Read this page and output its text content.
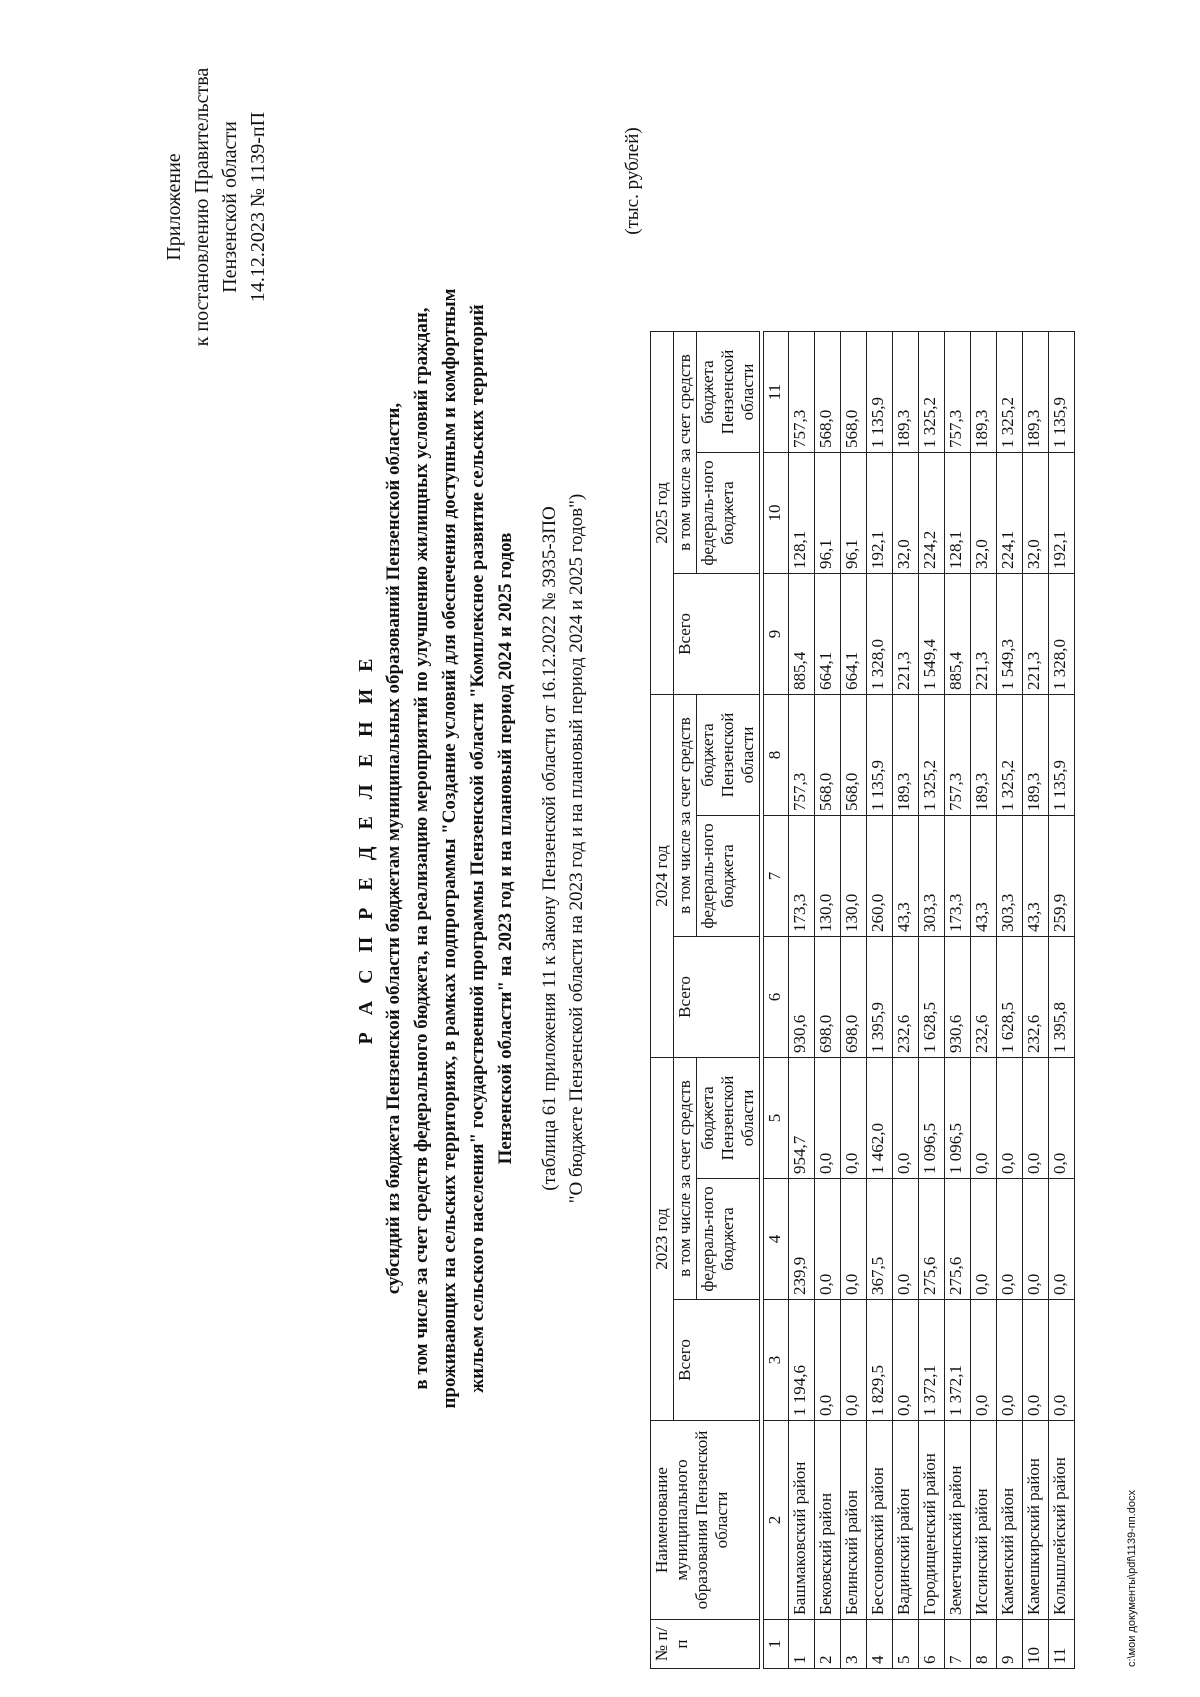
Приложение к постановлению Правительства Пензенской области 14.12.2023 № 1139-пП
Р А С П Р Е Д Е Л Е Н И Е субсидий из бюджета Пензенской области бюджетам муниципальных образований Пензенской области, в том числе за счет средств федерального бюджета, на реализацию мероприятий по улучшению жилищных условий граждан, проживающих на сельских территориях, в рамках подпрограммы "Создание условий для обеспечения доступным и комфортным жильем сельского населения" государственной программы Пензенской области "Комплексное развитие сельских территорий Пензенской области" на 2023 год и на плановый период 2024 и 2025 годов (таблица 61 приложения 11 к Закону Пензенской области от 16.12.2022 № 3935-ЗПО "О бюджете Пензенской области на 2023 год и на плановый период 2024 и 2025 годов")
(тыс. рублей)
№ п/п	Наименование муниципального образования Пензенской области	2023 год			2024 год			2025 год		
		Всего	в том числе за счет средств		Всего	в том числе за счет средств		Всего	в том числе за счет средств	
			федераль-ного бюджета	бюджета Пензенской области		федераль-ного бюджета	бюджета Пензенской области		федераль-ного бюджета	бюджета Пензенской области

1	2	3	4	5	6	7	8	9	10	11
1	Башмаковский район	1 194,6	239,9	954,7	930,6	173,3	757,3	885,4	128,1	757,3
2	Бековский район	0,0	0,0	0,0	698,0	130,0	568,0	664,1	96,1	568,0
3	Белинский район	0,0	0,0	0,0	698,0	130,0	568,0	664,1	96,1	568,0
4	Бессоновский район	1 829,5	367,5	1 462,0	1 395,9	260,0	1 135,9	1 328,0	192,1	1 135,9
5	Вадинский район	0,0	0,0	0,0	232,6	43,3	189,3	221,3	32,0	189,3
6	Городищенский район	1 372,1	275,6	1 096,5	1 628,5	303,3	1 325,2	1 549,4	224,2	1 325,2
7	Земетчинский район	1 372,1	275,6	1 096,5	930,6	173,3	757,3	885,4	128,1	757,3
8	Иссинский район	0,0	0,0	0,0	232,6	43,3	189,3	221,3	32,0	189,3
9	Каменский район	0,0	0,0	0,0	1 628,5	303,3	1 325,2	1 549,3	224,1	1 325,2
10	Камешкирский район	0,0	0,0	0,0	232,6	43,3	189,3	221,3	32,0	189,3
11	Колышлейский район	0,0	0,0	0,0	1 395,8	259,9	1 135,9	1 328,0	192,1	1 135,9
c:\мои документы\pdf\1139-пп.docx
